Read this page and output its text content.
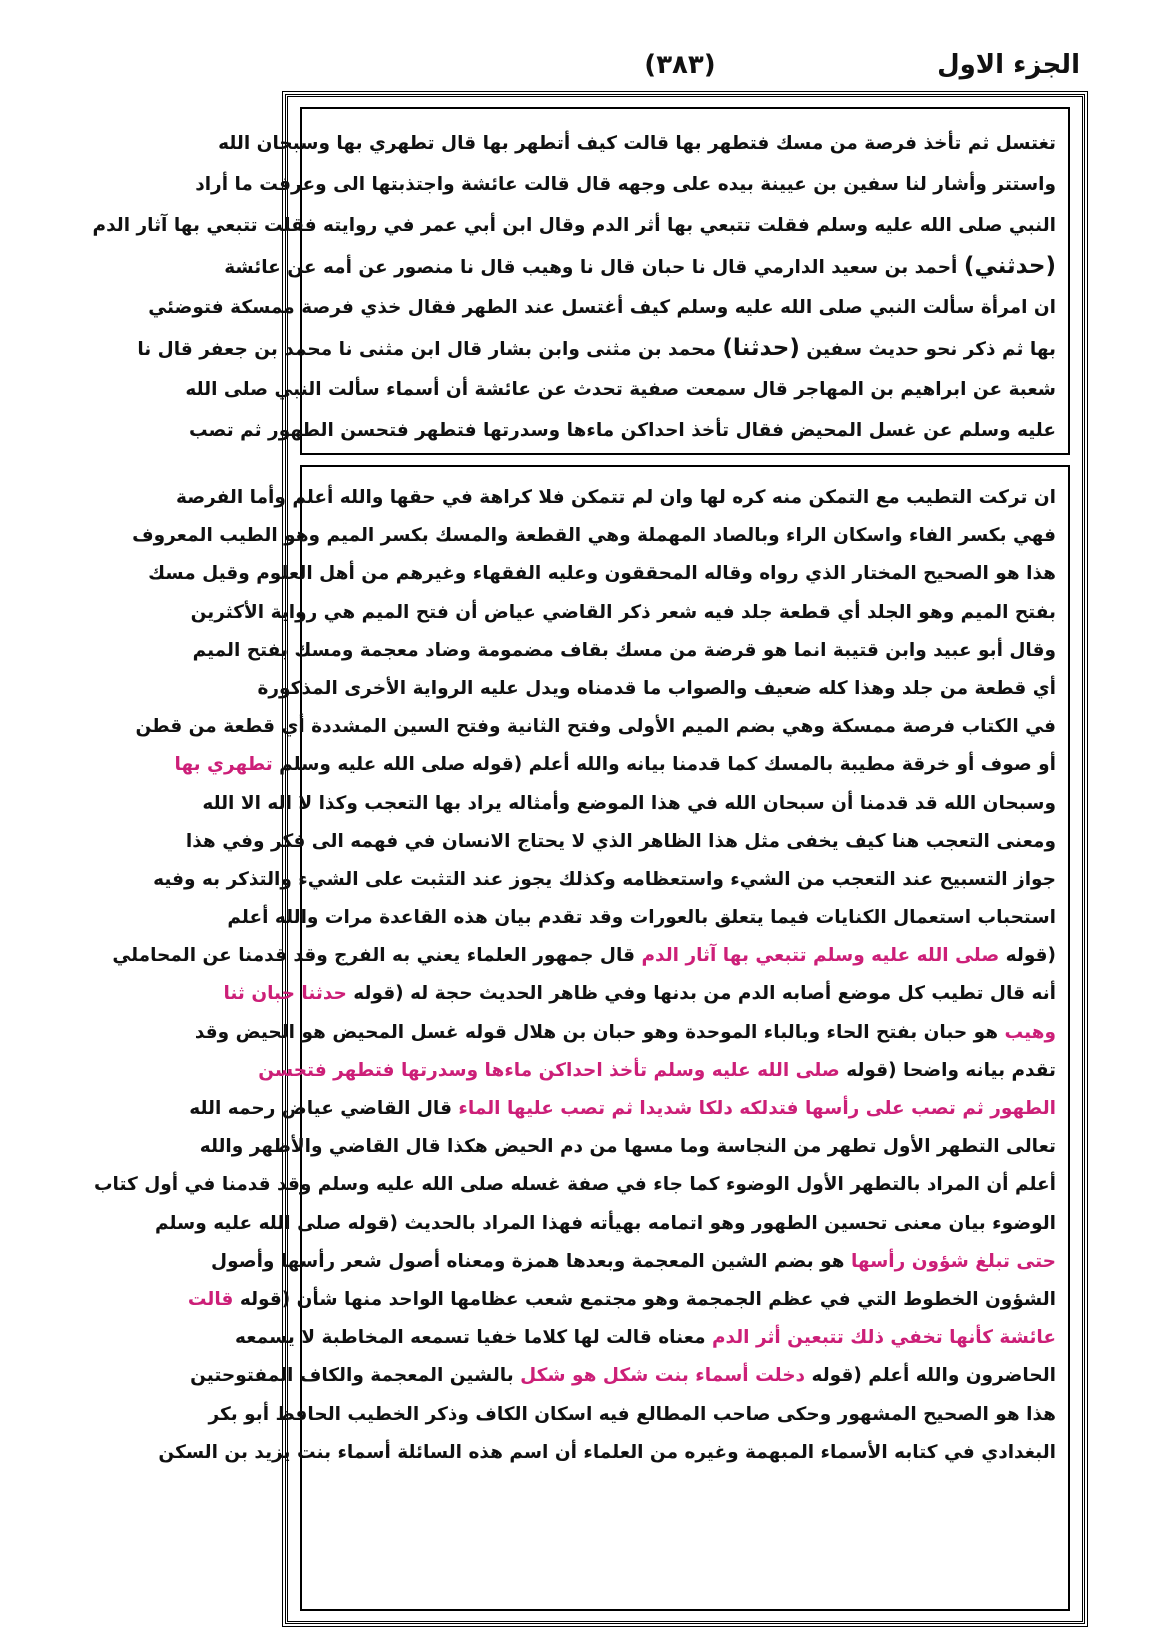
الجزء الاول
(٣٨٣)
تغتسل ثم تأخذ فرصة من مسك فتطهر بها قالت كيف أتطهر بها قال تطهري بها وسبحان الله
واستتر وأشار لنا سفين بن عيينة بيده على وجهه قال قالت عائشة واجتذبتها الى وعرفت ما أراد
النبي صلى الله عليه وسلم فقلت تتبعي بها أثر الدم وقال ابن أبي عمر في روايته فقلت تتبعي بها آثار الدم
(حدثني) أحمد بن سعيد الدارمي قال نا حبان قال نا وهيب قال نا منصور عن أمه عن عائشة
ان امرأة سألت النبي صلى الله عليه وسلم كيف أغتسل عند الطهر فقال خذي فرصة ممسكة فتوضئي
بها ثم ذكر نحو حديث سفين (حدثنا) محمد بن مثنى وابن بشار قال ابن مثنى نا محمد بن جعفر قال نا
شعبة عن ابراهيم بن المهاجر قال سمعت صفية تحدث عن عائشة أن أسماء سألت النبي صلى الله
عليه وسلم عن غسل المحيض فقال تأخذ احداكن ماءها وسدرتها فتطهر فتحسن الطهور ثم تصب
ان تركت التطيب مع التمكن منه كره لها وان لم تتمكن فلا كراهة في حقها والله أعلم وأما الفرصة
فهي بكسر الفاء واسكان الراء وبالصاد المهملة وهي القطعة والمسك بكسر الميم وهو الطيب المعروف
هذا هو الصحيح المختار الذي رواه وقاله المحققون وعليه الفقهاء وغيرهم من أهل العلوم وقيل مسك
بفتح الميم وهو الجلد أي قطعة جلد فيه شعر ذكر القاضي عياض أن فتح الميم هي رواية الأكثرين
وقال أبو عبيد وابن قتيبة انما هو قرضة من مسك بقاف مضمومة وضاد معجمة ومسك بفتح الميم
أي قطعة من جلد وهذا كله ضعيف والصواب ما قدمناه ويدل عليه الرواية الأخرى المذكورة
في الكتاب فرصة ممسكة وهي بضم الميم الأولى وفتح الثانية وفتح السين المشددة أي قطعة من قطن
أو صوف أو خرقة مطيبة بالمسك كما قدمنا بيانه والله أعلم (قوله صلى الله عليه وسلم تطهري بها
وسبحان الله قد قدمنا أن سبحان الله في هذا الموضع وأمثاله يراد بها التعجب وكذا لا اله الا الله
ومعنى التعجب هنا كيف يخفى مثل هذا الظاهر الذي لا يحتاج الانسان في فهمه الى فكر وفي هذا
جواز التسبيح عند التعجب من الشيء واستعظامه وكذلك يجوز عند التثبت على الشيء والتذكر به وفيه
استحباب استعمال الكنايات فيما يتعلق بالعورات وقد تقدم بيان هذه القاعدة مرات والله أعلم
(قوله صلى الله عليه وسلم تتبعي بها آثار الدم قال جمهور العلماء يعني به الفرج وقد قدمنا عن المحاملي
أنه قال تطيب كل موضع أصابه الدم من بدنها وفي ظاهر الحديث حجة له (قوله حدثنا حبان ثنا
وهيب هو حبان بفتح الحاء وبالباء الموحدة وهو حبان بن هلال قوله غسل المحيض هو الحيض وقد
تقدم بيانه واضحا (قوله صلى الله عليه وسلم تأخذ احداكن ماءها وسدرتها فتطهر فتحسن
الطهور ثم تصب على رأسها فتدلكه دلكا شديدا ثم تصب عليها الماء قال القاضي عياض رحمه الله
تعالى التطهر الأول تطهر من النجاسة وما مسها من دم الحيض هكذا قال القاضي والأظهر والله
أعلم أن المراد بالتطهر الأول الوضوء كما جاء في صفة غسله صلى الله عليه وسلم وقد قدمنا في أول كتاب
الوضوء بيان معنى تحسين الطهور وهو اتمامه بهيأته فهذا المراد بالحديث (قوله صلى الله عليه وسلم
حتى تبلغ شؤون رأسها هو بضم الشين المعجمة وبعدها همزة ومعناه أصول شعر رأسها وأصول
الشؤون الخطوط التي في عظم الجمجمة وهو مجتمع شعب عظامها الواحد منها شأن (قوله قالت
عائشة كأنها تخفي ذلك تتبعين أثر الدم معناه قالت لها كلاما خفيا تسمعه المخاطبة لا يسمعه
الحاضرون والله أعلم (قوله دخلت أسماء بنت شكل هو شكل بالشين المعجمة والكاف المفتوحتين
هذا هو الصحيح المشهور وحكى صاحب المطالع فيه اسكان الكاف وذكر الخطيب الحافظ أبو بكر
البغدادي في كتابه الأسماء المبهمة وغيره من العلماء أن اسم هذه السائلة أسماء بنت يزيد بن السكن
